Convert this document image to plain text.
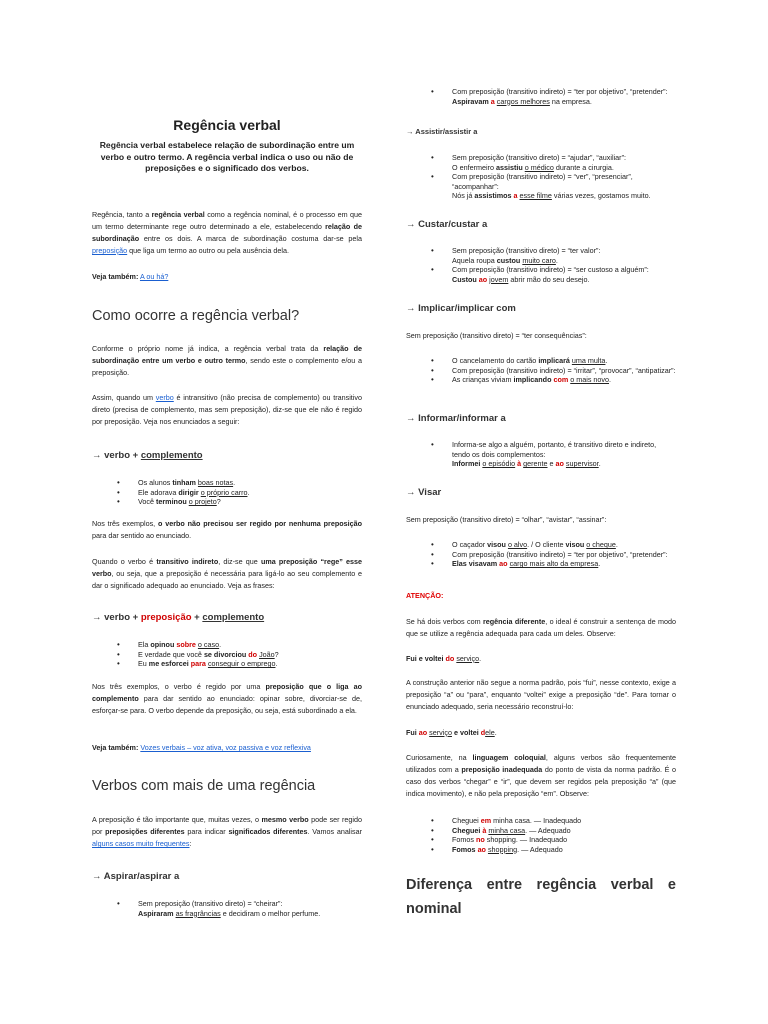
Regência verbal
Regência verbal estabelece relação de subordinação entre um verbo e outro termo. A regência verbal indica o uso ou não de preposições e o significado dos verbos.

Regência, tanto a regência verbal como a regência nominal, é o processo em que um termo determinante rege outro determinado a ele, estabelecendo relação de subordinação entre os dois. A marca de subordinação costuma dar-se pela preposição que liga um termo ao outro ou pela ausência dela.

Veja também: A ou há?

Como ocorre a regência verbal?

Conforme o próprio nome já indica, a regência verbal trata da relação de subordinação entre um verbo e outro termo, sendo este o complemento e/ou a preposição.

Assim, quando um verbo é intransitivo (não precisa de complemento) ou transitivo direto (precisa de complemento, mas sem preposição), diz-se que ele não é regido por preposição. Veja nos enunciados a seguir:

→ verbo + complemento
• Os alunos tinham boas notas.
• Ele adorava dirigir o próprio carro.
• Você terminou o projeto?

Nos três exemplos, o verbo não precisou ser regido por nenhuma preposição para dar sentido ao enunciado.

Quando o verbo é transitivo indireto, diz-se que uma preposição “rege” esse verbo, ou seja, que a preposição é necessária para ligá-lo ao seu complemento e dar o significado adequado ao enunciado. Veja as frases:

→ verbo + preposição + complemento
• Ela opinou sobre o caso.
• E verdade que você se divorciou do João?
• Eu me esforcei para conseguir o emprego.

Nos três exemplos, o verbo é regido por uma preposição que o liga ao complemento para dar sentido ao enunciado: opinar sobre, divorciar-se de, esforçar-se para. O verbo depende da preposição, ou seja, está subordinado a ela.

Veja também: Vozes verbais – voz ativa, voz passiva e voz reflexiva

Verbos com mais de uma regência

A preposição é tão importante que, muitas vezes, o mesmo verbo pode ser regido por preposições diferentes para indicar significados diferentes. Vamos analisar alguns casos muito frequentes:

→ Aspirar/aspirar a
• Sem preposição (transitivo direto) = “cheirar”:
Aspiraram as fragrâncias e decidiram o melhor perfume.
• Com preposição (transitivo indireto) = “ter por objetivo”, “pretender”:
Aspiravam a cargos melhores na empresa.
→ Assistir/assistir a
• Sem preposição (transitivo direto) = “ajudar”, “auxiliar”:
O enfermeiro assistiu o médico durante a cirurgia.
• Com preposição (transitivo indireto) = “ver”, “presenciar”, “acompanhar”:
Nós já assistimos a esse filme várias vezes, gostamos muito.
→ Custar/custar a
• Sem preposição (transitivo direto) = “ter valor”:
Aquela roupa custou muito caro.
• Com preposição (transitivo indireto) = “ser custoso a alguém”:
Custou ao jovem abrir mão do seu desejo.
→ Implicar/implicar com

Sem preposição (transitivo direto) = “ter consequências”:

• O cancelamento do cartão implicará uma multa.
• Com preposição (transitivo indireto) = “irritar”, “provocar”, “antipatizar”:
• As crianças viviam implicando com o mais novo.
→ Informar/informar a
• Informa-se algo a alguém, portanto, é transitivo direto e indireto, tendo os dois complementos:
Informei o episódio à gerente e ao supervisor.
→ Visar

Sem preposição (transitivo direto) = “olhar”, “avistar”, “assinar”:

• O caçador visou o alvo. / O cliente visou o cheque.
• Com preposição (transitivo indireto) = “ter por objetivo”, “pretender”:
• Elas visavam ao cargo mais alto da empresa.

ATENÇÃO:

Se há dois verbos com regência diferente, o ideal é construir a sentença de modo que se utilize a regência adequada para cada um deles. Observe:

Fui e voltei do serviço.

A construção anterior não segue a norma padrão, pois “fui”, nesse contexto, exige a preposição “a” ou “para”, enquanto “voltei” exige a preposição “de”. Para tornar o enunciado adequado, seria necessário reconstruí-lo:

Fui ao serviço e voltei dele.

Curiosamente, na linguagem coloquial, alguns verbos são frequentemente utilizados com a preposição inadequada do ponto de vista da norma padrão. É o caso dos verbos “chegar” e “ir”, que devem ser regidos pela preposição “a” (que indica movimento), e não pela preposição “em”. Observe:

• Cheguei em minha casa. — Inadequado
• Cheguei à minha casa. — Adequado
• Fomos no shopping. — Inadequado
• Fomos ao shopping. — Adequado
Diferença entre regência verbal e nominal
